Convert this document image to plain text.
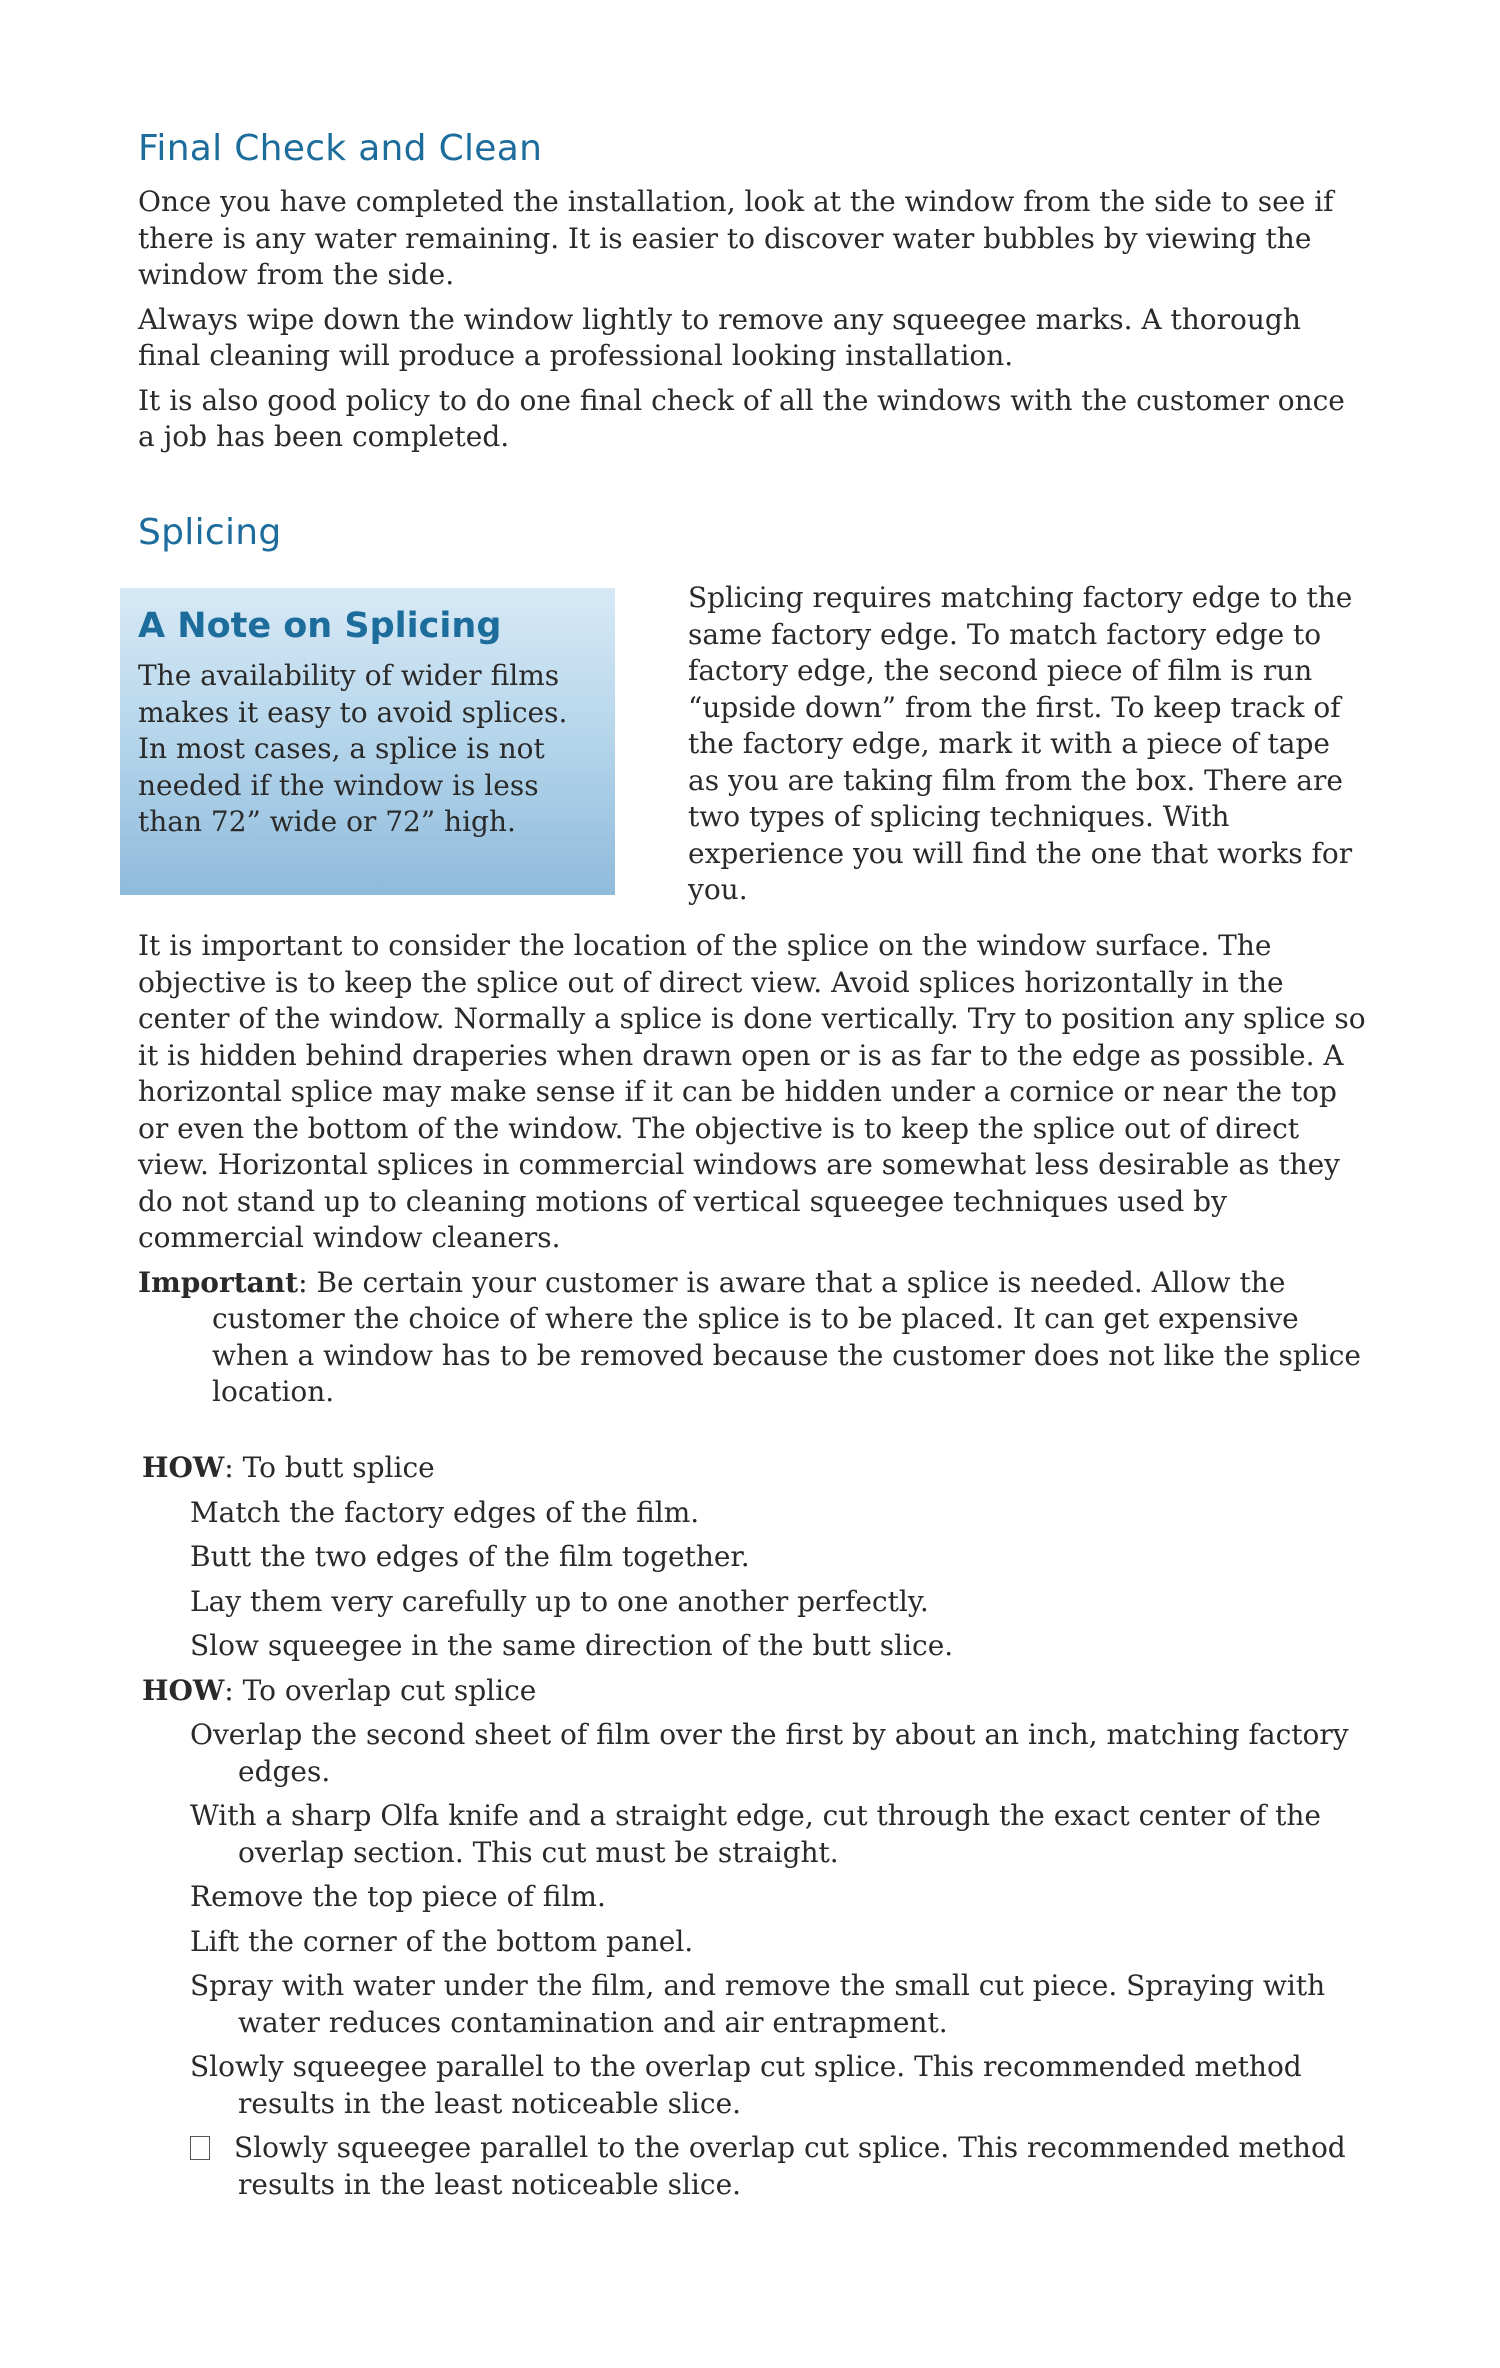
Final Check and Clean

Once you have completed the installation, look at the window from the side to see if there is any water remaining. It is easier to discover water bubbles by viewing the window from the side.

Always wipe down the window lightly to remove any squeegee marks. A thorough final cleaning will produce a professional looking installation.

It is also good policy to do one final check of all the windows with the customer once a job has been completed.

Splicing
A Note on Splicing

The availability of wider films makes it easy to avoid splices. In most cases, a splice is not needed if the window is less than 72” wide or 72” high.

Splicing requires matching factory edge to the same factory edge. To match factory edge to factory edge, the second piece of film is run “upside down” from the first. To keep track of the factory edge, mark it with a piece of tape as you are taking film from the box. There are two types of splicing techniques. With experience you will find the one that works for you.

It is important to consider the location of the splice on the window surface. The objective is to keep the splice out of direct view. Avoid splices horizontally in the center of the window. Normally a splice is done vertically. Try to position any splice so it is hidden behind draperies when drawn open or is as far to the edge as possible. A horizontal splice may make sense if it can be hidden under a cornice or near the top or even the bottom of the window. The objective is to keep the splice out of direct view. Horizontal splices in commercial windows are somewhat less desirable as they do not stand up to cleaning motions of vertical squeegee techniques used by commercial window cleaners.

Important: Be certain your customer is aware that a splice is needed. Allow the customer the choice of where the splice is to be placed. It can get expensive when a window has to be removed because the customer does not like the splice location.

HOW: To butt splice

Match the factory edges of the film.

Butt the two edges of the film together.

Lay them very carefully up to one another perfectly.

Slow squeegee in the same direction of the butt slice.

HOW: To overlap cut splice

Overlap the second sheet of film over the first by about an inch, matching factory edges.

With a sharp Olfa knife and a straight edge, cut through the exact center of the overlap section. This cut must be straight.

Remove the top piece of film.

Lift the corner of the bottom panel.

Spray with water under the film, and remove the small cut piece. Spraying with water reduces contamination and air entrapment.

Slowly squeegee parallel to the overlap cut splice. This recommended method results in the least noticeable slice.

Slowly squeegee parallel to the overlap cut splice. This recommended method results in the least noticeable slice.
